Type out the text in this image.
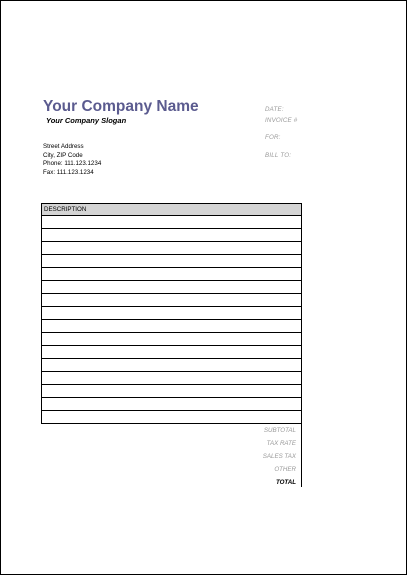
Your Company Name
Your Company Slogan
Street Address
City, ZIP Code
Phone: 111.123.1234
Fax: 111.123.1234
DATE:
INVOICE #
FOR:
BILL TO:
DESCRIPTION
SUBTOTAL
TAX RATE
SALES TAX
OTHER
TOTAL
